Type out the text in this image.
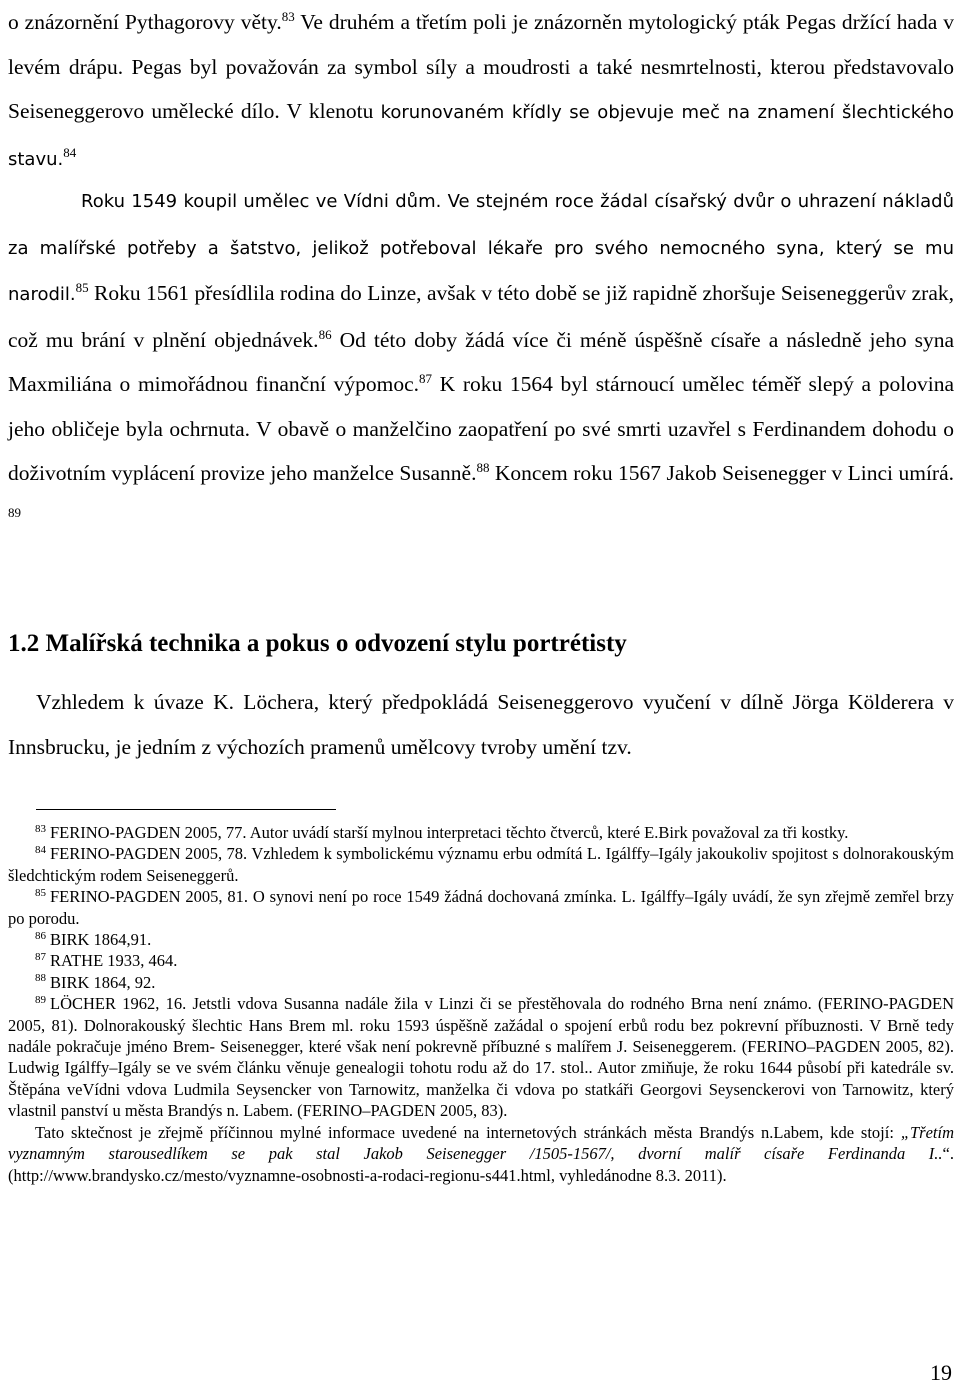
o znázornění Pythagorovy věty.$^{83}$ Ve druhém a třetím poli je znázorněn mytologický pták Pegas držící hada v levém drápu. Pegas byl považován za symbol síly a moudrosti a také nesmrtelnosti, kterou představovalo Seiseneggerovo umělecké dílo. V klenotu korunovaném křídly se objevuje meč na znamení šlechtického stavu.$^{84}$
Roku 1549 koupil umělec ve Vídni dům. Ve stejném roce žádal císařský dvůr o uhrazení nákladů za malířské potřeby a šatstvo, jelikož potřeboval lékaře pro svého nemocného syna, který se mu narodil.$^{85}$ Roku 1561 přesídlila rodina do Linze, avšak v této době se již rapidně zhoršuje Seiseneggerův zrak, což mu brání v plnění objednávek.$^{86}$ Od této doby žádá více či méně úspěšně císaře a následně jeho syna Maxmiliána o mimořádnou finanční výpomoc.$^{87}$ K roku 1564 byl stárnoucí umělec téměř slepý a polovina jeho obličeje byla ochrnuta. V obavě o manželčino zaopatření po své smrti uzavřel s Ferdinandem dohodu o doživotním vyplácení provize jeho manželce Susanně.$^{88}$ Koncem roku 1567 Jakob Seisenegger v Linci umírá. $^{89}$
1.2 Malířská technika a pokus o odvození stylu portrétisty
Vzhledem k úvaze K. Löchera, který předpokládá Seiseneggerovo vyučení v dílně Jörga Kölderera v Innsbrucku, je jedním z výchozích pramenů umělcovy tvroby umění tzv.

$^{83}$ FERINO-PAGDEN 2005, 77. Autor uvádí starší mylnou interpretaci těchto čtverců, které E.Birk považoval za tři kostky.

$^{84}$ FERINO-PAGDEN 2005, 78. Vzhledem k symbolickému významu erbu odmítá L. Igálffy–Igály jakoukoliv spojitost s dolnorakouským šledchtickým rodem Seiseneggerů.

$^{85}$ FERINO-PAGDEN 2005, 81. O synovi není po roce 1549 žádná dochovaná zmínka. L. Igálffy–Igály uvádí, že syn zřejmě zemřel brzy po porodu.

$^{86}$ BIRK 1864,91.

$^{87}$ RATHE 1933, 464.

$^{88}$ BIRK 1864, 92.

$^{89}$ LÖCHER 1962, 16. Jetstli vdova Susanna nadále žila v Linzi či se přestěhovala do rodného Brna není známo. (FERINO-PAGDEN 2005, 81). Dolnorakouský šlechtic Hans Brem ml. roku 1593 úspěšně zažádal o spojení erbů rodu bez pokrevní příbuznosti. V Brně tedy nadále pokračuje jméno Brem- Seisenegger, které však není pokrevně příbuzné s malířem J. Seiseneggerem. (FERINO–PAGDEN 2005, 82). Ludwig Igálffy–Igály se ve svém článku věnuje genealogii tohotu rodu až do 17. stol.. Autor zmiňuje, že roku 1644 působí při katedrále sv. Štěpána veVídni vdova Ludmila Seysencker von Tarnowitz, manželka či vdova po statkáři Georgovi Seysenckerovi von Tarnowitz, který vlastnil panství u města Brandýs n. Labem. (FERINO–PAGDEN 2005, 83).

Tato sktečnost je zřejmě příčinnou mylné informace uvedené na internetových stránkách města Brandýs n.Labem, kde stojí: „Třetím vyznamným starousedlíkem se pak stal Jakob Seisenegger /1505-1567/, dvorní malíř císaře Ferdinanda I..“. (http://www.brandysko.cz/mesto/vyznamne-osobnosti-a-rodaci-regionu-s441.html, vyhledánodne 8.3. 2011).

19
